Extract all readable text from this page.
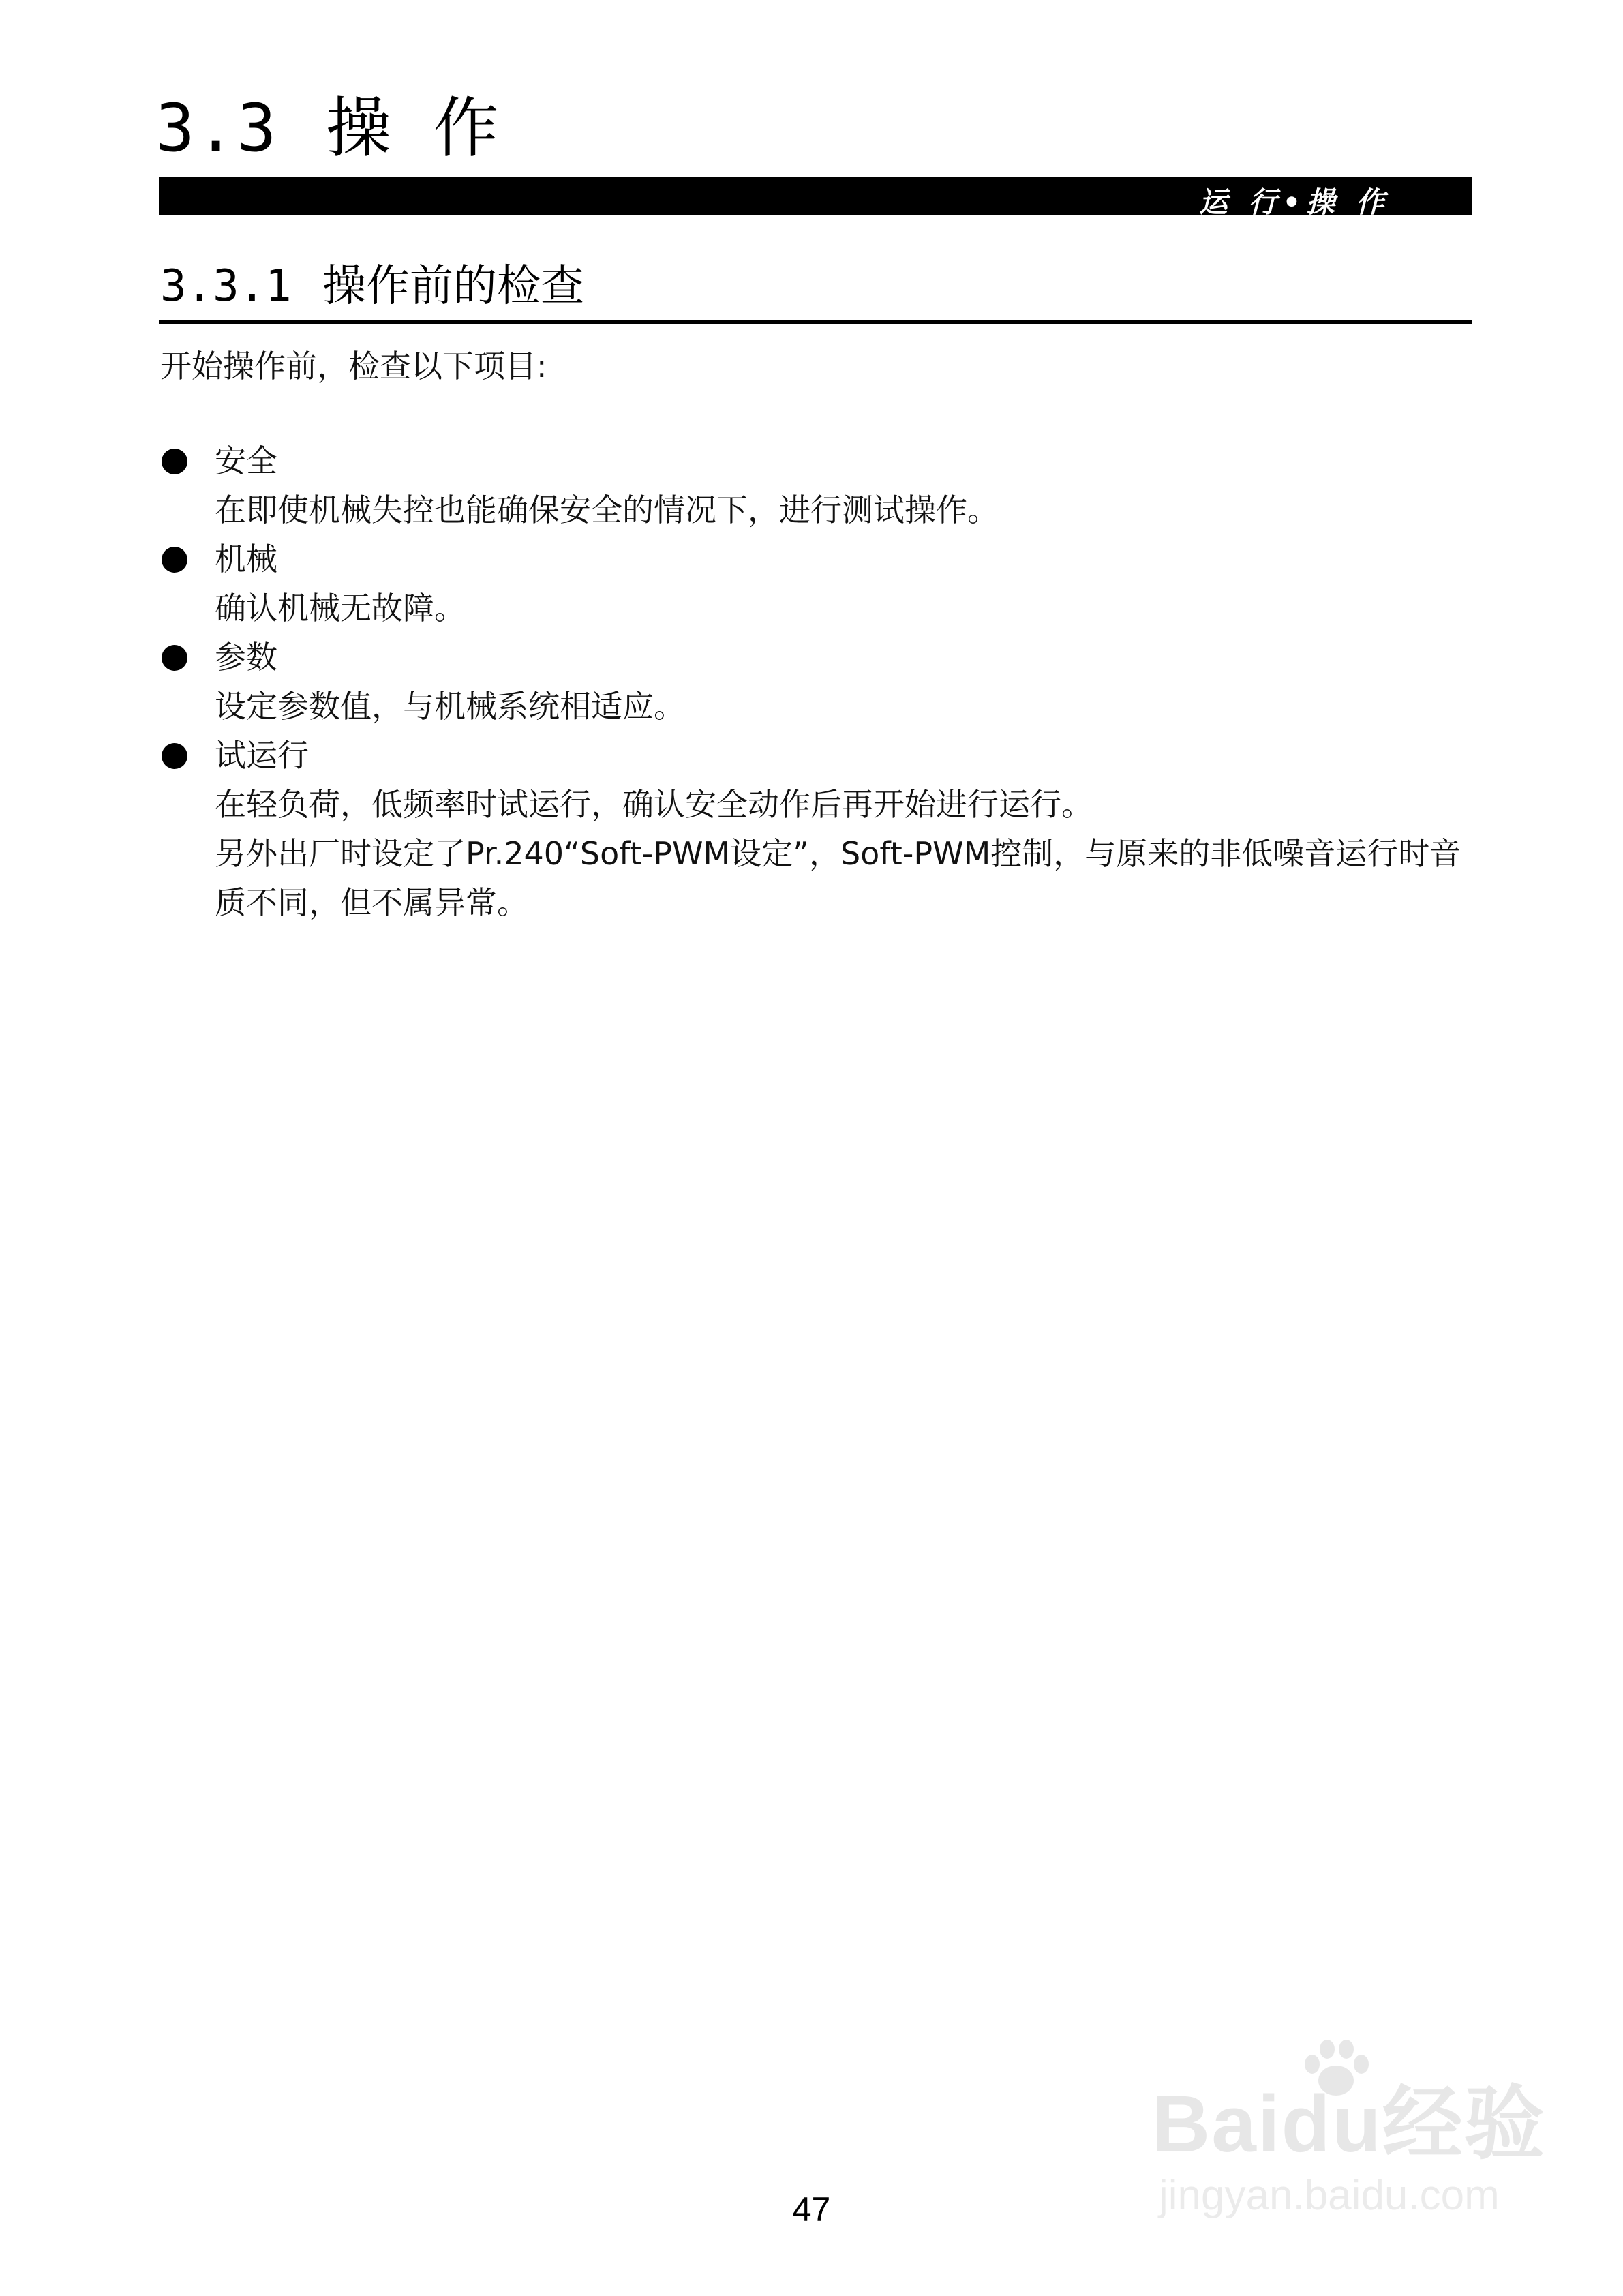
3.3 操 作
运 行•操 作
3.3.1 操作前的检查
开始操作前，检查以下项目:
安全

在即使机械失控也能确保安全的情况下，进行测试操作。

机械

确认机械无故障。

参数

设定参数值，与机械系统相适应。

试运行

在轻负荷，低频率时试运行，确认安全动作后再开始进行运行。

另外出厂时设定了Pr.240“Soft-PWM设定”，Soft-PWM控制，与原来的非低噪音运行时音质不同，但不属异常。

Baidu经验
jingyan.baidu.com
47
